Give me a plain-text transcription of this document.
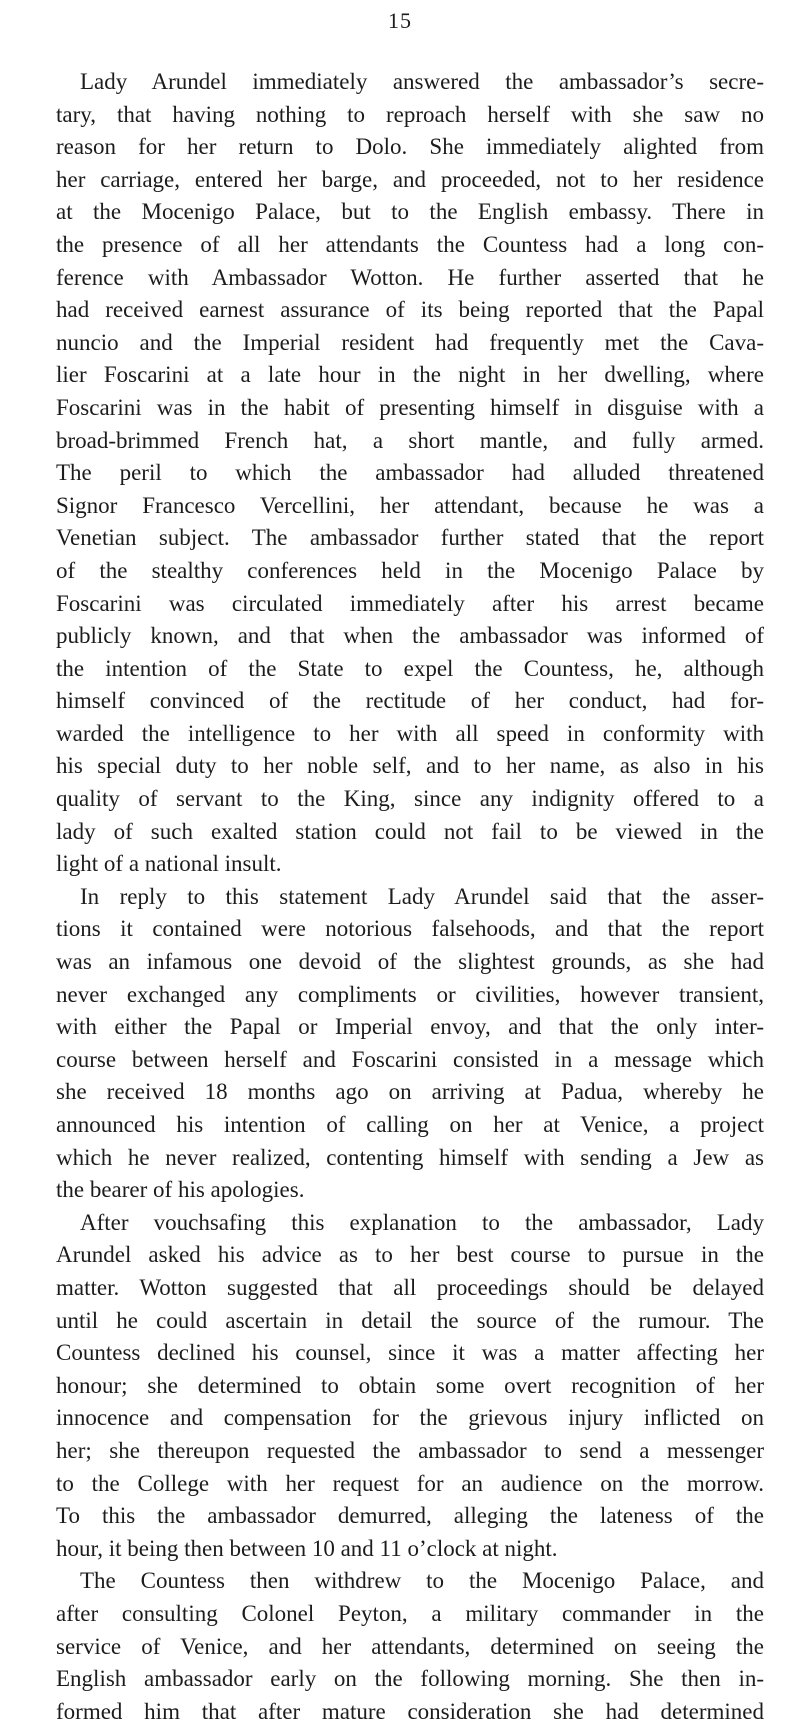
15
Lady Arundel immediately answered the ambassador’s secre-
tary, that having nothing to reproach herself with she saw no
reason for her return to Dolo. She immediately alighted from
her carriage, entered her barge, and proceeded, not to her residence
at the Mocenigo Palace, but to the English embassy. There in
the presence of all her attendants the Countess had a long con-
ference with Ambassador Wotton. He further asserted that he
had received earnest assurance of its being reported that the Papal
nuncio and the Imperial resident had frequently met the Cava-
lier Foscarini at a late hour in the night in her dwelling, where
Foscarini was in the habit of presenting himself in disguise with a
broad-brimmed French hat, a short mantle, and fully armed.
The peril to which the ambassador had alluded threatened
Signor Francesco Vercellini, her attendant, because he was a
Venetian subject. The ambassador further stated that the report
of the stealthy conferences held in the Mocenigo Palace by
Foscarini was circulated immediately after his arrest became
publicly known, and that when the ambassador was informed of
the intention of the State to expel the Countess, he, although
himself convinced of the rectitude of her conduct, had for-
warded the intelligence to her with all speed in conformity with
his special duty to her noble self, and to her name, as also in his
quality of servant to the King, since any indignity offered to a
lady of such exalted station could not fail to be viewed in the
light of a national insult.
In reply to this statement Lady Arundel said that the asser-
tions it contained were notorious falsehoods, and that the report
was an infamous one devoid of the slightest grounds, as she had
never exchanged any compliments or civilities, however transient,
with either the Papal or Imperial envoy, and that the only inter-
course between herself and Foscarini consisted in a message which
she received 18 months ago on arriving at Padua, whereby he
announced his intention of calling on her at Venice, a project
which he never realized, contenting himself with sending a Jew as
the bearer of his apologies.
After vouchsafing this explanation to the ambassador, Lady
Arundel asked his advice as to her best course to pursue in the
matter. Wotton suggested that all proceedings should be delayed
until he could ascertain in detail the source of the rumour. The
Countess declined his counsel, since it was a matter affecting her
honour; she determined to obtain some overt recognition of her
innocence and compensation for the grievous injury inflicted on
her; she thereupon requested the ambassador to send a messenger
to the College with her request for an audience on the morrow.
To this the ambassador demurred, alleging the lateness of the
hour, it being then between 10 and 11 o’clock at night.
The Countess then withdrew to the Mocenigo Palace, and
after consulting Colonel Peyton, a military commander in the
service of Venice, and her attendants, determined on seeing the
English ambassador early on the following morning. She then in-
formed him that after mature consideration she had determined
